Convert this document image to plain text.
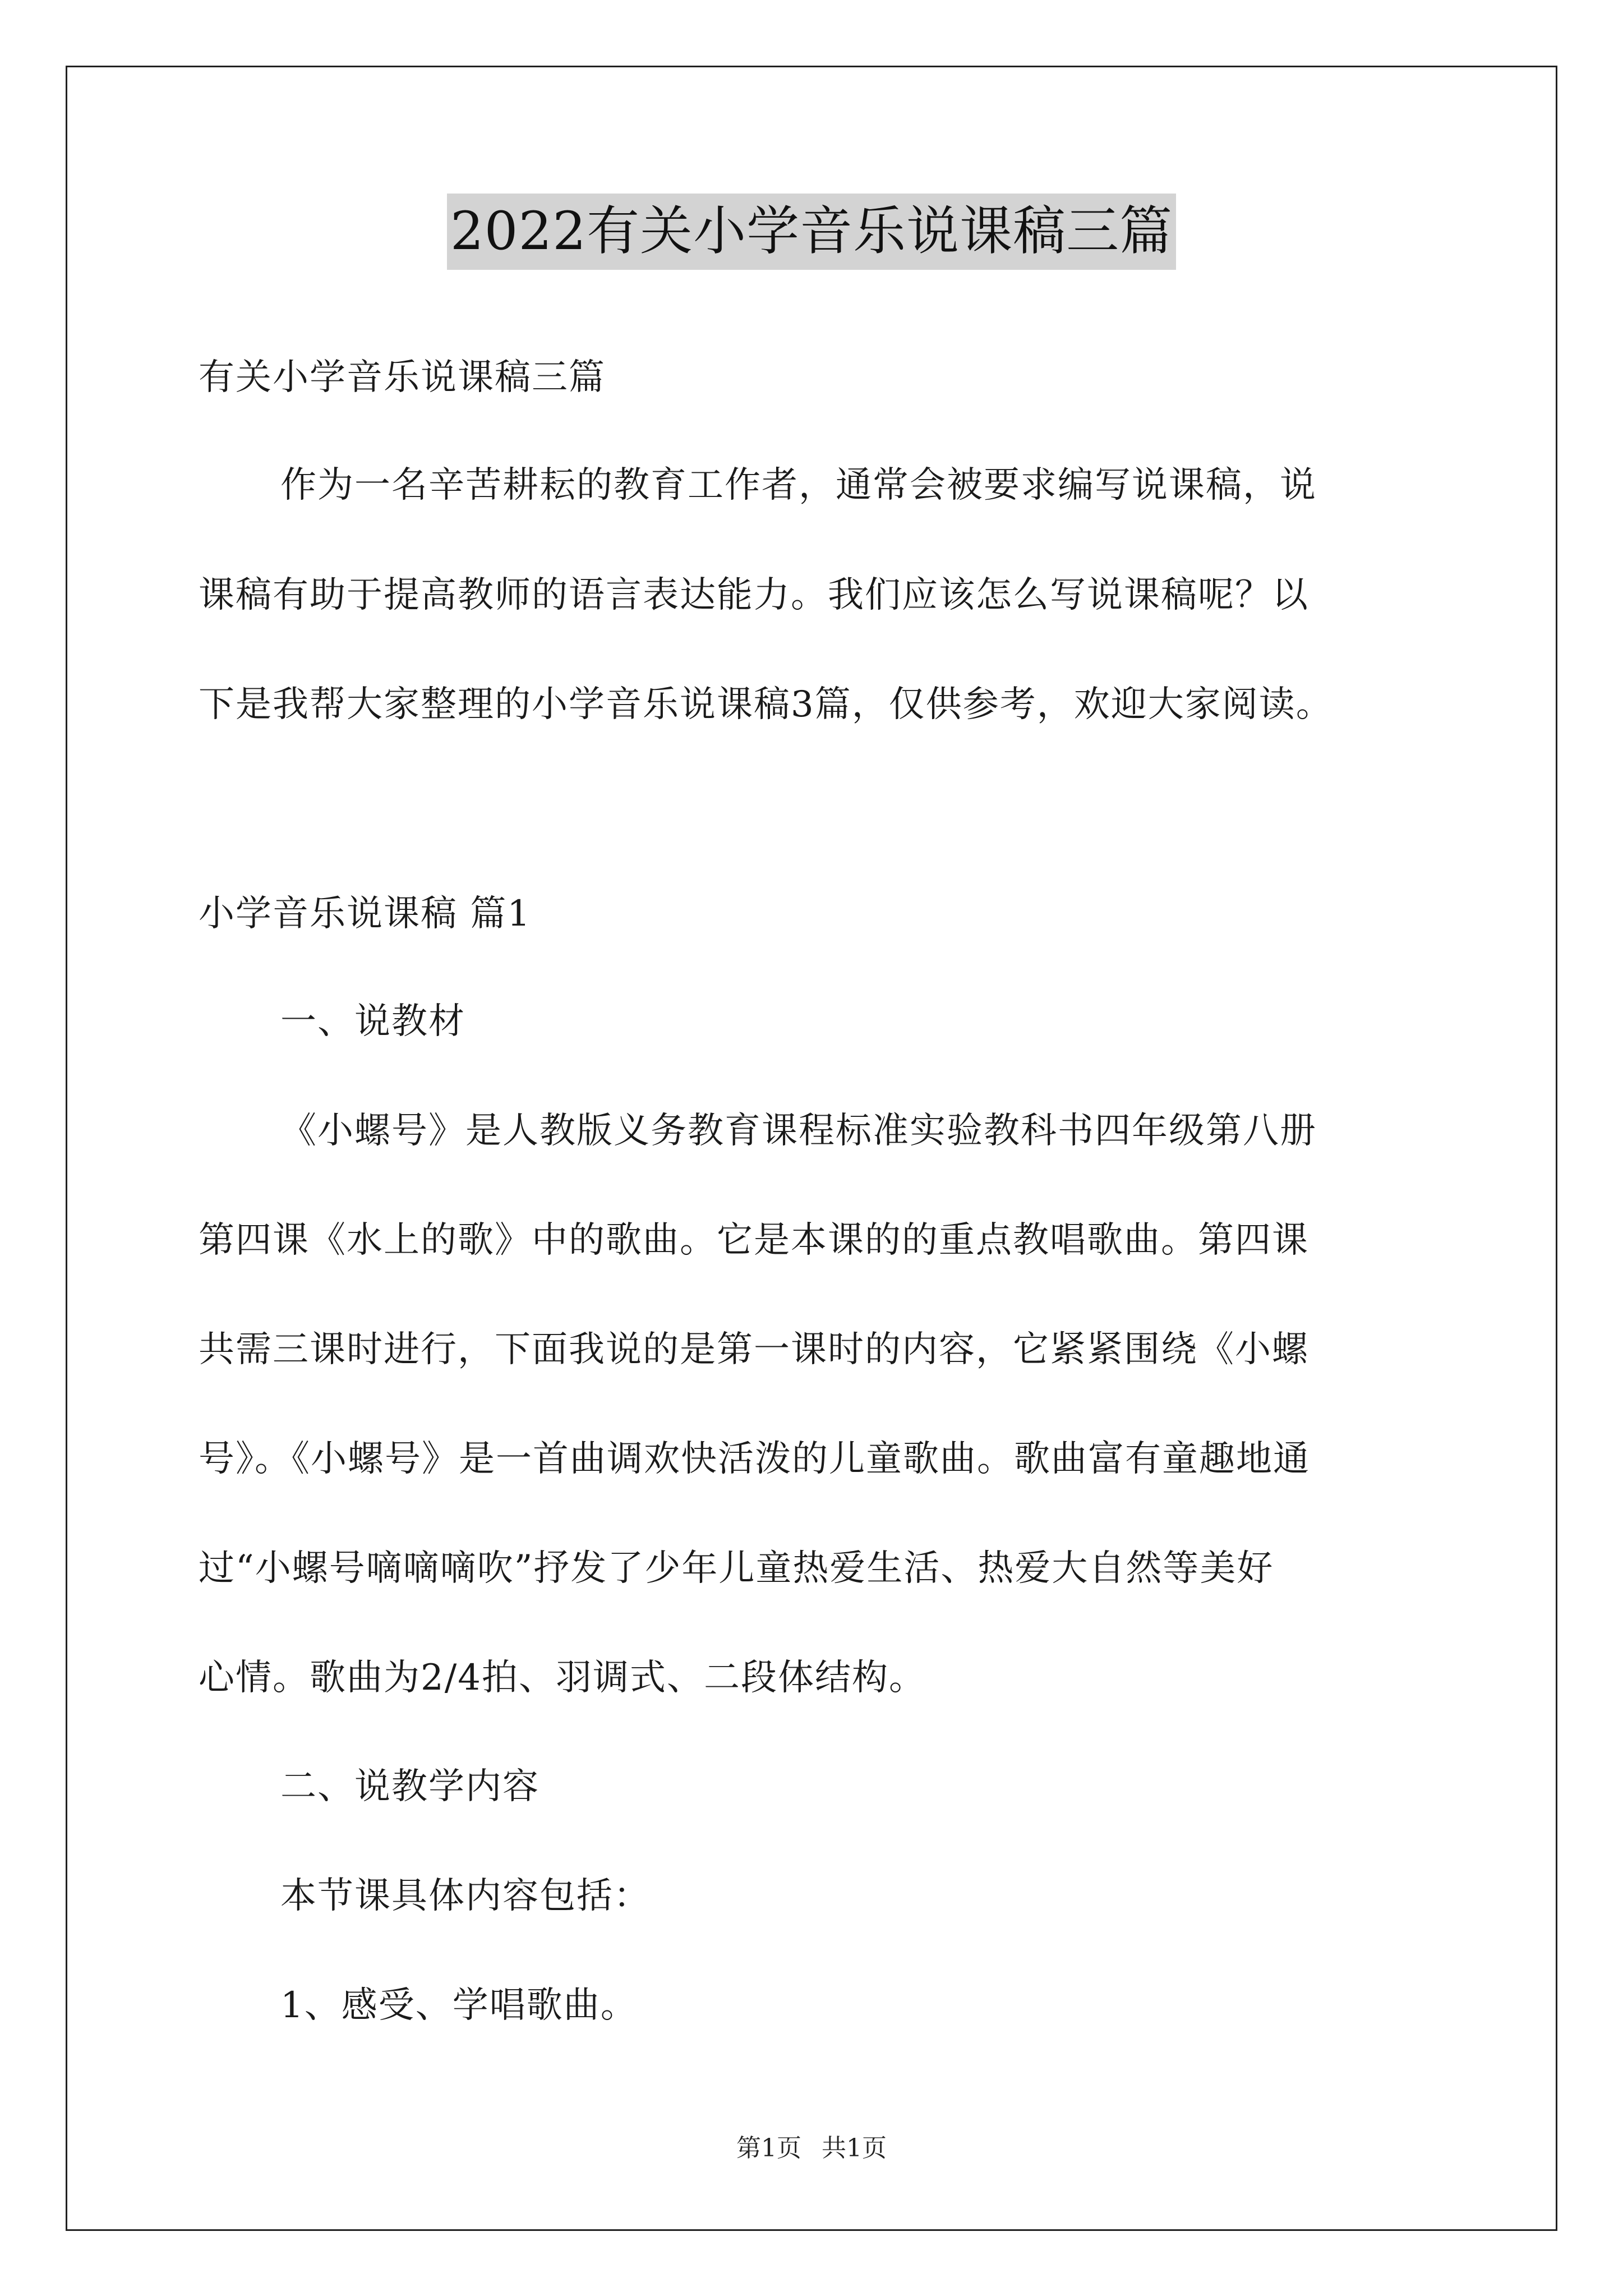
2022有关小学音乐说课稿三篇
有关小学音乐说课稿三篇
作为一名辛苦耕耘的教育工作者，通常会被要求编写说课稿，说
课稿有助于提高教师的语言表达能力。我们应该怎么写说课稿呢？以
下是我帮大家整理的小学音乐说课稿3篇，仅供参考，欢迎大家阅读。
小学音乐说课稿 篇1
一、说教材
《小螺号》是人教版义务教育课程标准实验教科书四年级第八册
第四课《水上的歌》中的歌曲。它是本课的的重点教唱歌曲。第四课
共需三课时进行，下面我说的是第一课时的内容，它紧紧围绕《小螺
号》。《小螺号》是一首曲调欢快活泼的儿童歌曲。歌曲富有童趣地通
过“小螺号嘀嘀嘀吹”抒发了少年儿童热爱生活、热爱大自然等美好
心情。歌曲为2/4拍、羽调式、二段体结构。
二、说教学内容
本节课具体内容包括：
1、感受、学唱歌曲。
第1页 共1页
